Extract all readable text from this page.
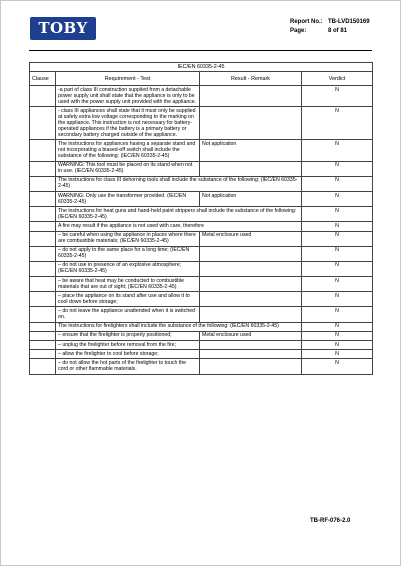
TOBY	Report No.: TB-LVD150169
Page:	8 of 81
IEC/EN 60335-2-45			
Clause	Requirement - Test	Result - Remark	Verdict
	-a part of class III construction supplied from a detachable power supply unit shall state that the appliance is only to be used with the power supply unit provided with the appliance.		N
	- class III appliances shall state that it must only be supplied at safety extra low voltage corresponding to the marking on the appliance. This instruction is not necessary for battery-operated appliances if the battery is a primary battery or secondary battery charged outside of the appliance.		N
	The instructions for appliances having a separate stand and not incorporating a biased-off switch shall include the substance of the following: (IEC/EN 60335-2-45)	Not application	N
	WARNING: This tool must be placed on its stand when not in use. (IEC/EN 60335-2-45)		N
	The instructions for class III dehorning tools shall include the substance of the following: (IEC/EN 60335-2-45)		N
	WARNING: Only use the transformer provided. (IEC/EN 60335-2-45)	Not application	N
	The instructions for heat guns and hand-held paint strippers shall include the substance of the following: (IEC/EN 60335-2-45)		N
	A fire may result if the appliance is not used with care, therefore		N
	– be careful when using the appliance in places where there are combustible materials; (IEC/EN 60335-2-45)	Metal enclosure used	N
	– do not apply to the same place for a long time; (IEC/EN 60335-2-45)		N
	– do not use in presence of an explosive atmosphere; (IEC/EN 60335-2-45)		N
	– be aware that heat may be conducted to combustible materials that are out of sight; (IEC/EN 60335-2-45)		N
	– place the appliance on its stand after use and allow it to cool down before storage;		N
	– do not leave the appliance unattended when it is switched on.		N
	The instructions for firelighters shall include the substance of the following: (IEC/EN 60335-2-45)		N
	– ensure that the firelighter is properly positioned;	Metal enclosure used	N
	– unplug the firelighter before removal from the fire;		N
	– allow the firelighter to cool before storage;		N
	– do not allow the hot parts of the firelighter to touch the cord or other flammable materials.		N
TB-RF-076-2.0
